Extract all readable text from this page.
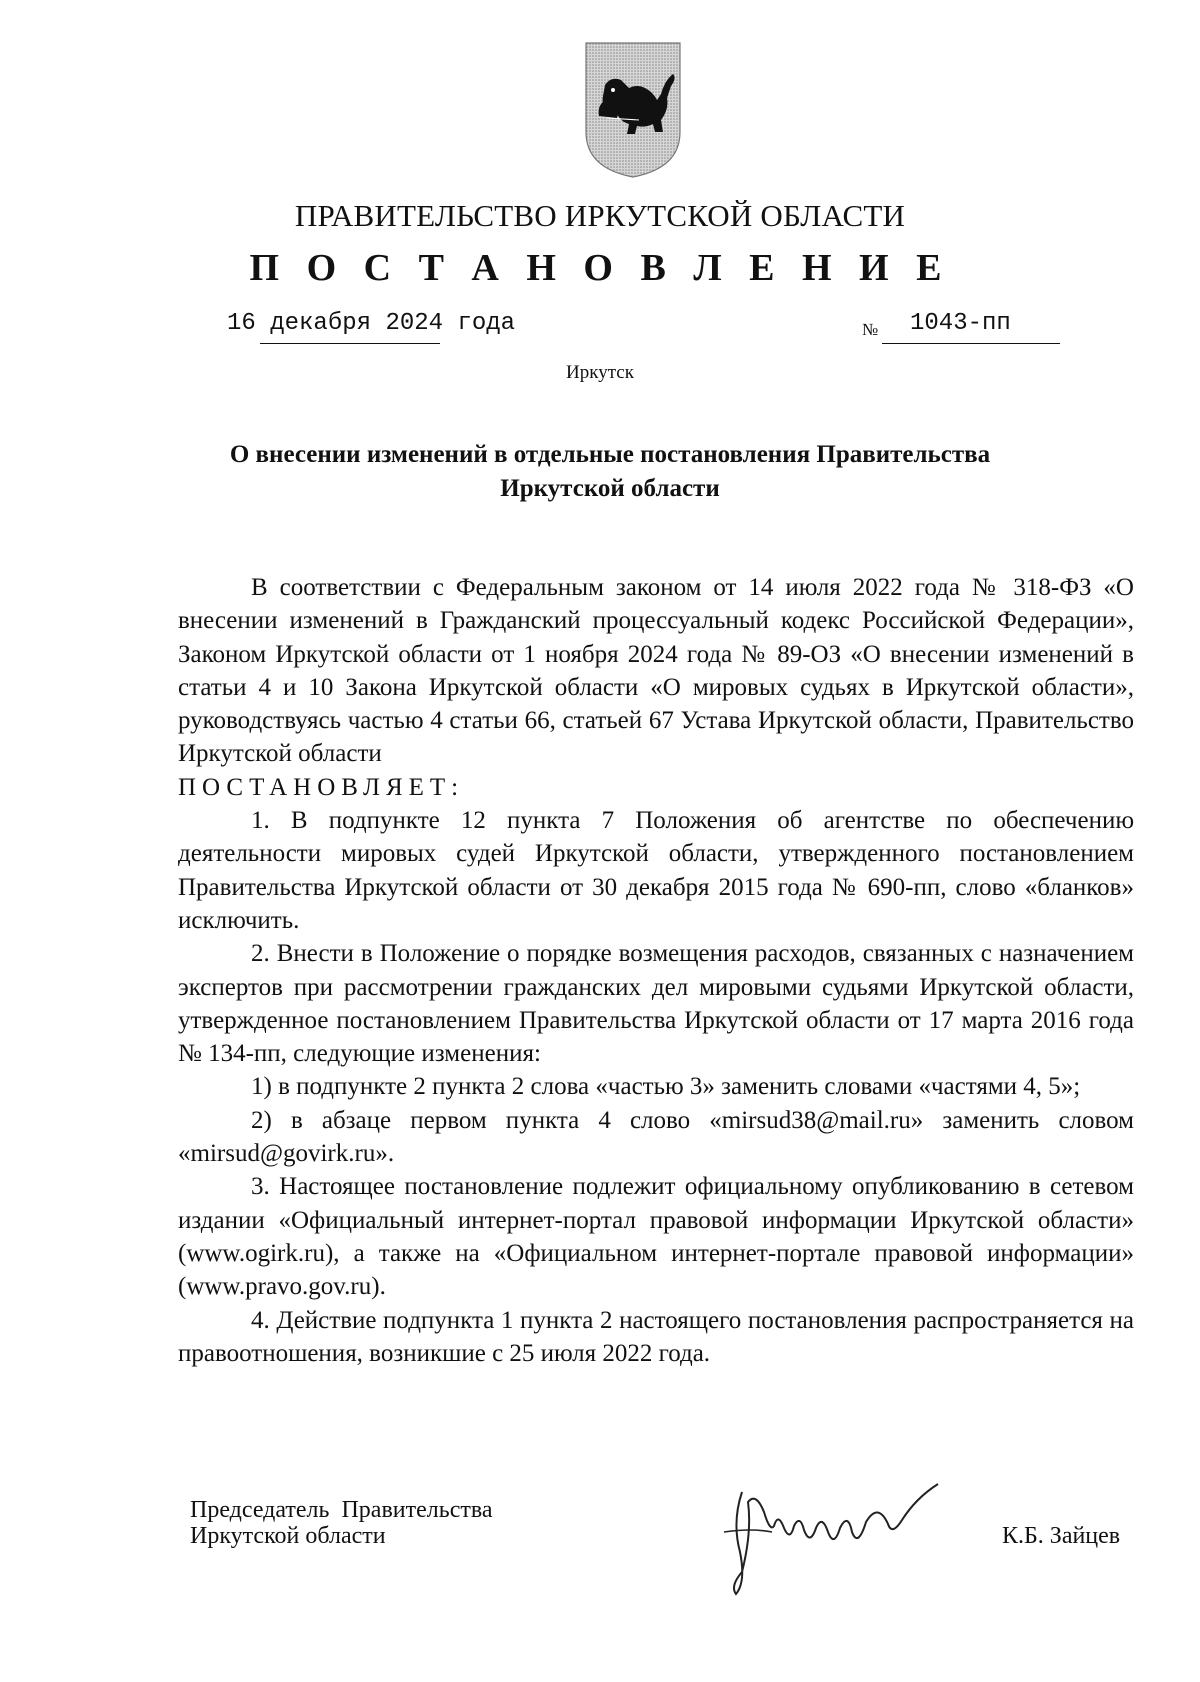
ПРАВИТЕЛЬСТВО ИРКУТСКОЙ ОБЛАСТИ
П О С Т А Н О В Л Е Н И Е
16 декабря 2024 года	№ 1043-пп
Иркутск
О внесении изменений в отдельные постановления Правительства Иркутской области

В соответствии с Федеральным законом от 14 июля 2022 года № 318-ФЗ «О внесении изменений в Гражданский процессуальный кодекс Российской Федерации», Законом Иркутской области от 1 ноября 2024 года № 89-ОЗ «О внесении изменений в статьи 4 и 10 Закона Иркутской области «О мировых судьях в Иркутской области», руководствуясь частью 4 статьи 66, статьей 67 Устава Иркутской области, Правительство Иркутской области

ПОСТАНОВЛЯЕТ:

1. В подпункте 12 пункта 7 Положения об агентстве по обеспечению деятельности мировых судей Иркутской области, утвержденного постановлением Правительства Иркутской области от 30 декабря 2015 года № 690-пп, слово «бланков» исключить.

2. Внести в Положение о порядке возмещения расходов, связанных с назначением экспертов при рассмотрении гражданских дел мировыми судьями Иркутской области, утвержденное постановлением Правительства Иркутской области от 17 марта 2016 года № 134-пп, следующие изменения:

1) в подпункте 2 пункта 2 слова «частью 3» заменить словами «частями 4, 5»;

2) в абзаце первом пункта 4 слово «mirsud38@mail.ru» заменить словом «mirsud@govirk.ru».

3. Настоящее постановление подлежит официальному опубликованию в сетевом издании «Официальный интернет-портал правовой информации Иркутской области» (www.ogirk.ru), а также на «Официальном интернет-портале правовой информации» (www.pravo.gov.ru).

4. Действие подпункта 1 пункта 2 настоящего постановления распространяется на правоотношения, возникшие с 25 июля 2022 года.

Председатель  Правительства
Иркутской области	К.Б. Зайцев
